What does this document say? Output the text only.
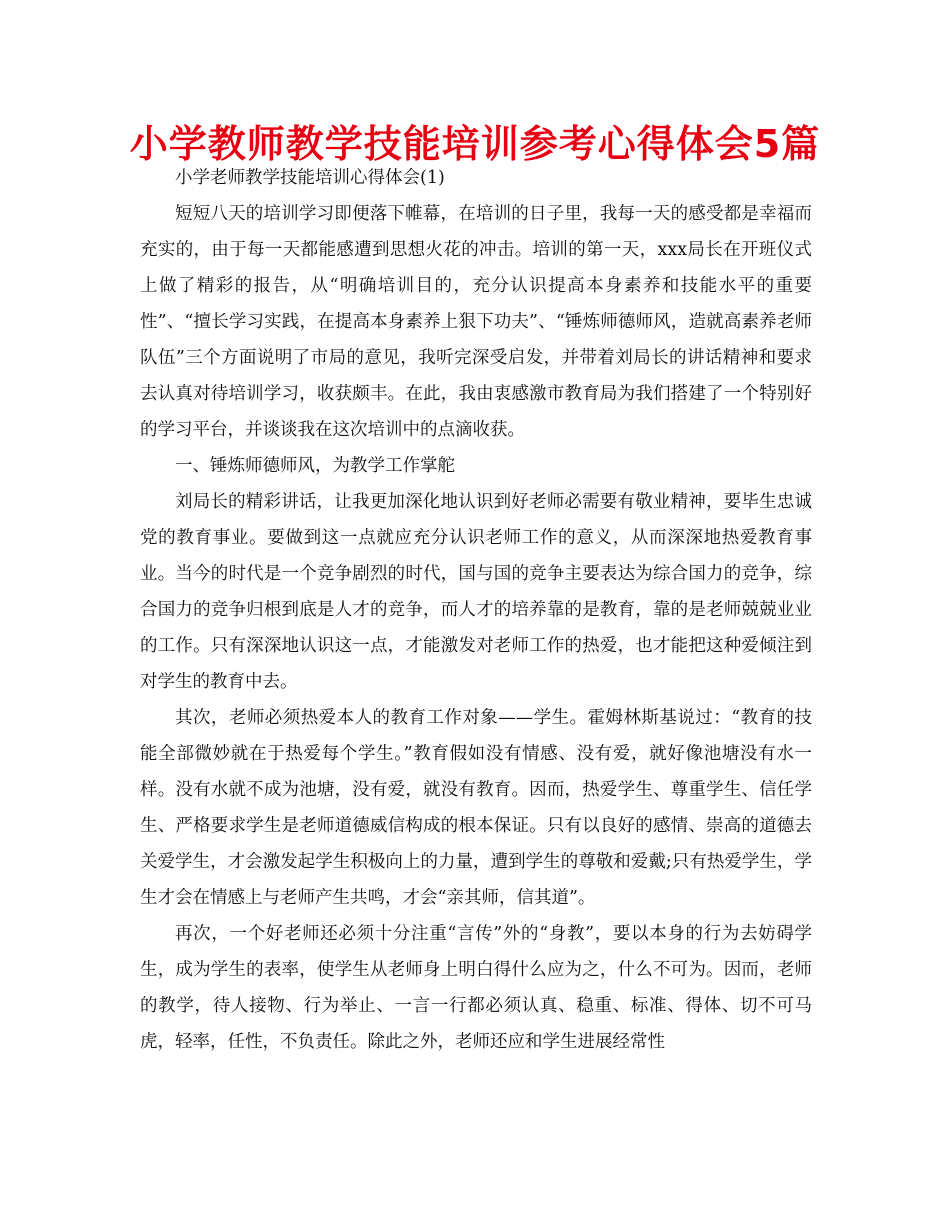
小学教师教学技能培训参考心得体会5篇

小学老师教学技能培训心得体会(1)

短短八天的培训学习即便落下帷幕，在培训的日子里，我每一天的感受都是幸福而充实的，由于每一天都能感遭到思想火花的冲击。培训的第一天，xxx局长在开班仪式上做了精彩的报告，从“明确培训目的，充分认识提高本身素养和技能水平的重要性”、“擅长学习实践，在提高本身素养上狠下功夫”、“锤炼师德师风，造就高素养老师队伍”三个方面说明了市局的意见，我听完深受启发，并带着刘局长的讲话精神和要求去认真对待培训学习，收获颇丰。在此，我由衷感激市教育局为我们搭建了一个特别好的学习平台，并谈谈我在这次培训中的点滴收获。

一、锤炼师德师风，为教学工作掌舵

刘局长的精彩讲话，让我更加深化地认识到好老师必需要有敬业精神，要毕生忠诚党的教育事业。要做到这一点就应充分认识老师工作的意义，从而深深地热爱教育事业。当今的时代是一个竞争剧烈的时代，国与国的竞争主要表达为综合国力的竞争，综合国力的竞争归根到底是人才的竞争，而人才的培养靠的是教育，靠的是老师兢兢业业的工作。只有深深地认识这一点，才能激发对老师工作的热爱，也才能把这种爱倾注到对学生的教育中去。

其次，老师必须热爱本人的教育工作对象——学生。霍姆林斯基说过：“教育的技能全部微妙就在于热爱每个学生。”教育假如没有情感、没有爱，就好像池塘没有水一样。没有水就不成为池塘，没有爱，就没有教育。因而，热爱学生、尊重学生、信任学生、严格要求学生是老师道德威信构成的根本保证。只有以良好的感情、崇高的道德去关爱学生，才会激发起学生积极向上的力量，遭到学生的尊敬和爱戴;只有热爱学生，学生才会在情感上与老师产生共鸣，才会“亲其师，信其道”。

再次，一个好老师还必须十分注重“言传”外的“身教”，要以本身的行为去妨碍学生，成为学生的表率，使学生从老师身上明白得什么应为之，什么不可为。因而，老师的教学，待人接物、行为举止、一言一行都必须认真、稳重、标准、得体、切不可马虎，轻率，任性，不负责任。除此之外，老师还应和学生进展经常性
